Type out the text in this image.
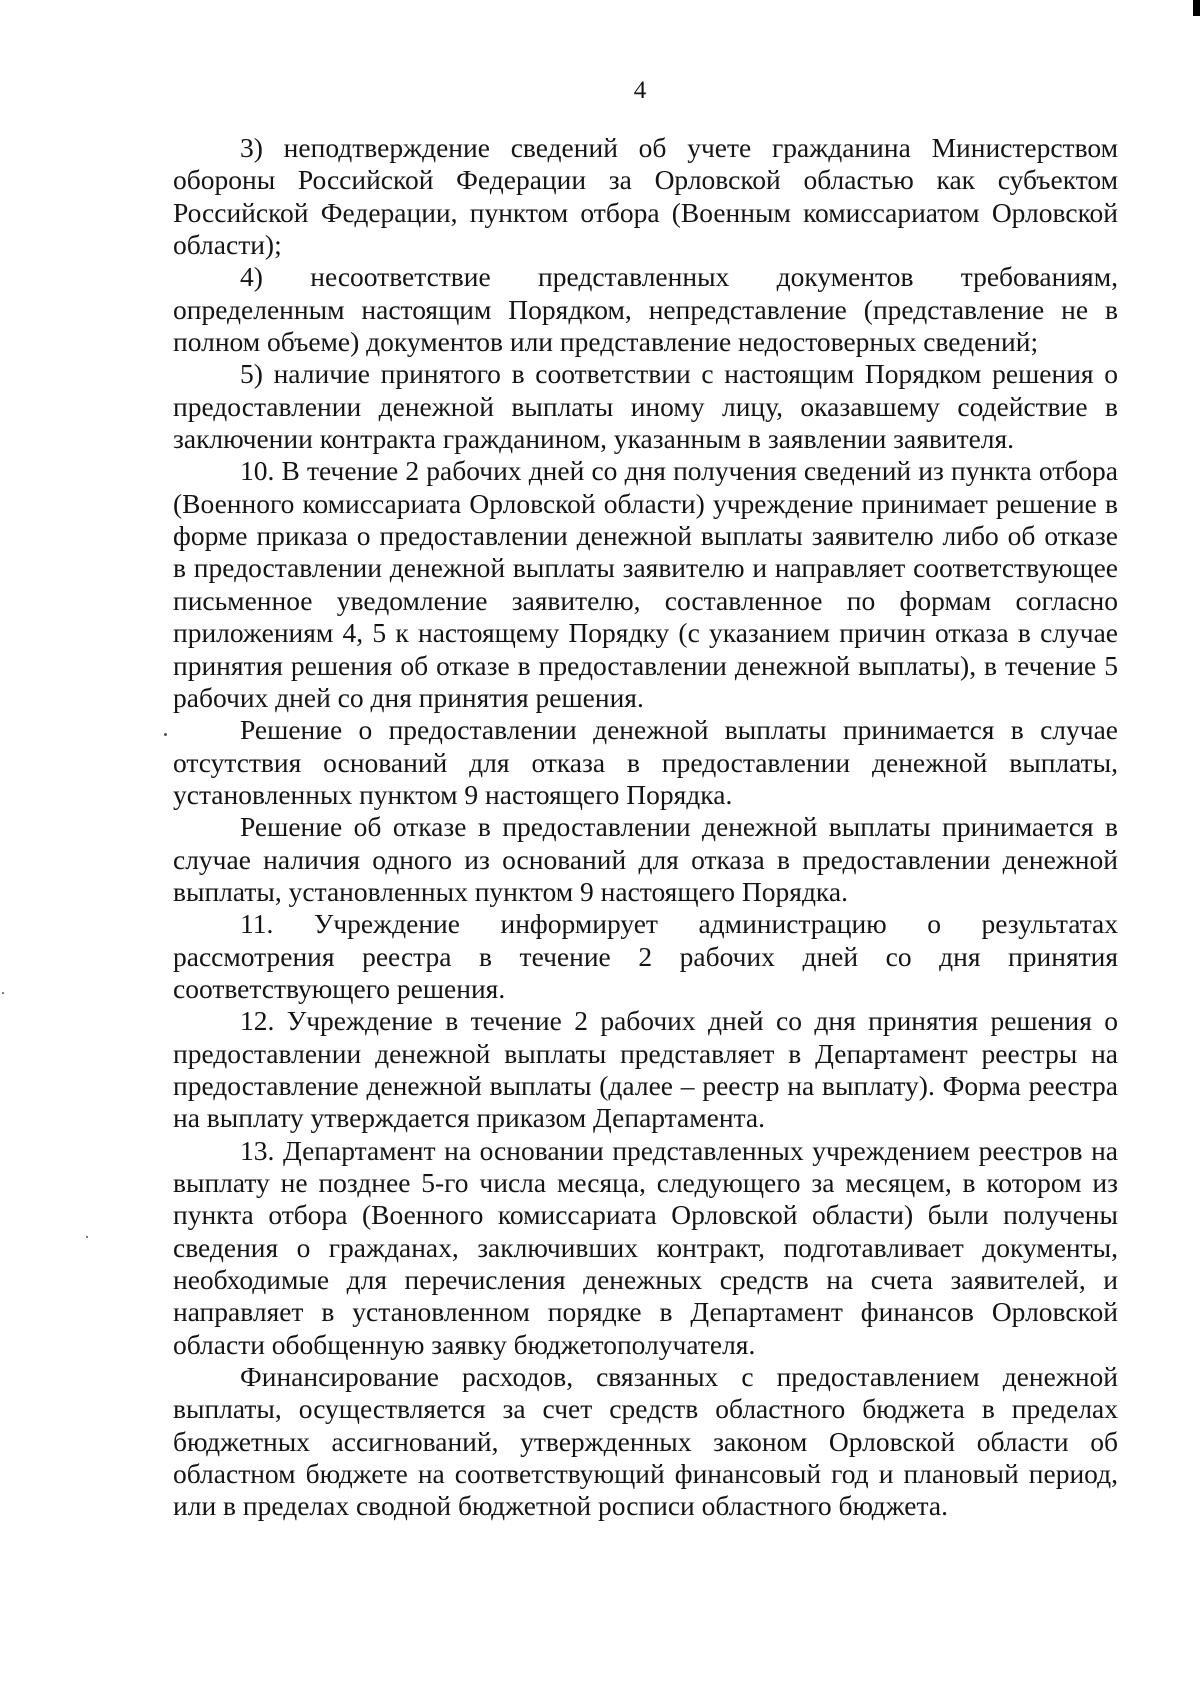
4

3) неподтверждение сведений об учете гражданина Министерством обороны Российской Федерации за Орловской областью как субъектом Российской Федерации, пунктом отбора (Военным комиссариатом Орловской области);

4) несоответствие представленных документов требованиям, определенным настоящим Порядком, непредставление (представление не в полном объеме) документов или представление недостоверных сведений;

5) наличие принятого в соответствии с настоящим Порядком решения о предоставлении денежной выплаты иному лицу, оказавшему содействие в заключении контракта гражданином, указанным в заявлении заявителя.

10. В течение 2 рабочих дней со дня получения сведений из пункта отбора (Военного комиссариата Орловской области) учреждение принимает решение в форме приказа о предоставлении денежной выплаты заявителю либо об отказе в предоставлении денежной выплаты заявителю и направляет соответствующее письменное уведомление заявителю, составленное по формам согласно приложениям 4, 5 к настоящему Порядку (с указанием причин отказа в случае принятия решения об отказе в предоставлении денежной выплаты), в течение 5 рабочих дней со дня принятия решения.

Решение о предоставлении денежной выплаты принимается в случае отсутствия оснований для отказа в предоставлении денежной выплаты, установленных пунктом 9 настоящего Порядка.

Решение об отказе в предоставлении денежной выплаты принимается в случае наличия одного из оснований для отказа в предоставлении денежной выплаты, установленных пунктом 9 настоящего Порядка.

11. Учреждение информирует администрацию о результатах рассмотрения реестра в течение 2 рабочих дней со дня принятия соответствующего решения.

12. Учреждение в течение 2 рабочих дней со дня принятия решения о предоставлении денежной выплаты представляет в Департамент реестры на предоставление денежной выплаты (далее – реестр на выплату). Форма реестра на выплату утверждается приказом Департамента.

13. Департамент на основании представленных учреждением реестров на выплату не позднее 5-го числа месяца, следующего за месяцем, в котором из пункта отбора (Военного комиссариата Орловской области) были получены сведения о гражданах, заключивших контракт, подготавливает документы, необходимые для перечисления денежных средств на счета заявителей, и направляет в установленном порядке в Департамент финансов Орловской области обобщенную заявку бюджетополучателя.

Финансирование расходов, связанных с предоставлением денежной выплаты, осуществляется за счет средств областного бюджета в пределах бюджетных ассигнований, утвержденных законом Орловской области об областном бюджете на соответствующий финансовый год и плановый период, или в пределах сводной бюджетной росписи областного бюджета.
